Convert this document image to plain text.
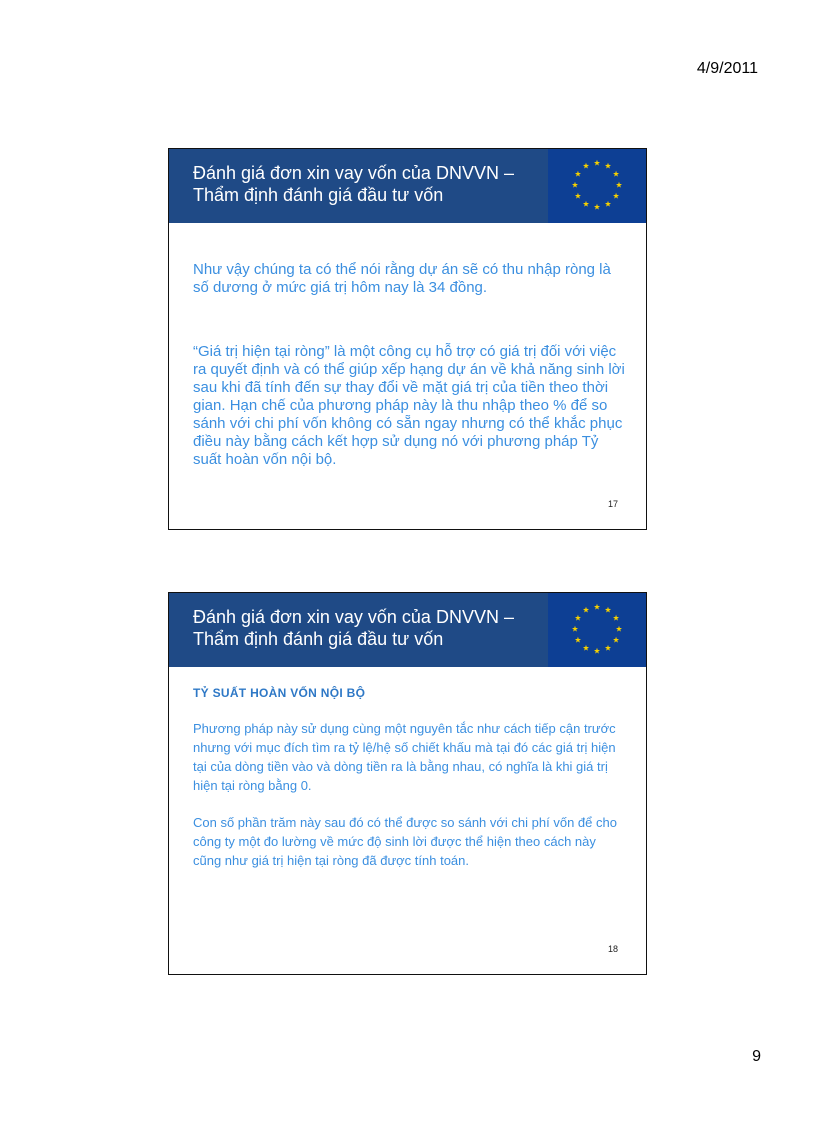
4/9/2011
Đánh giá đơn xin vay vốn của DNVVN –
Thẩm định đánh giá đầu tư vốn

Như vậy chúng ta có thể nói rằng dự án sẽ có thu nhập ròng là số dương ở mức giá trị hôm nay là 34 đồng.

“Giá trị hiện tại ròng” là một công cụ hỗ trợ có giá trị đối với việc ra quyết định và có thể giúp xếp hạng dự án về khả năng sinh lời sau khi đã tính đến sự thay đổi về mặt giá trị của tiền theo thời gian. Hạn chế của phương pháp này là thu nhập theo % để so sánh với chi phí vốn không có sẵn ngay nhưng có thể khắc phục điều này bằng cách kết hợp sử dụng nó với phương pháp Tỷ suất hoàn vốn nội bộ.

17
Đánh giá đơn xin vay vốn của DNVVN –
Thẩm định đánh giá đầu tư vốn
TỶ SUẤT HOÀN VỐN NỘI BỘ

Phương pháp này sử dụng cùng một nguyên tắc như cách tiếp cận trước nhưng với mục đích tìm ra tỷ lệ/hệ số chiết khấu mà tại đó các giá trị hiện tại của dòng tiền vào và dòng tiền ra là bằng nhau, có nghĩa là khi giá trị hiện tại ròng bằng 0.

Con số phần trăm này sau đó có thể được so sánh với chi phí vốn để cho công ty một đo lường về mức độ sinh lời được thể hiện theo cách này cũng như giá trị hiện tại ròng đã được tính toán.

18
9
